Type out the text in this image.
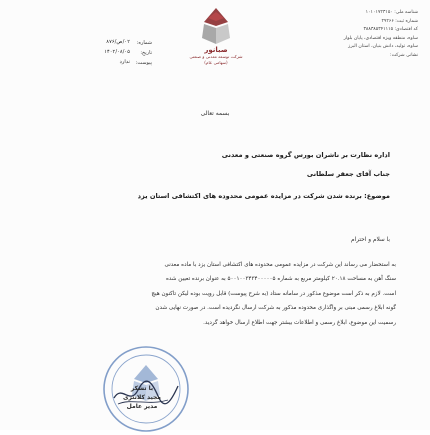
شناسه ملی: ۱۰۱۰۱۷۲۳۱۵۰
شماره ثبت: ۲۹۲۶۶
کد اقتصادی: ۳۸۸۳۸۵۳۴۱۱۱۵
ساوه، منطقه ویژه اقتصادی، پایان بلوار
ساوه، تولید، دانش بنیان، استان البرز
نشانی شرکت:
صبانور
شرکت توسعه معدنی و صنعتی
(سهامی عام)
شماره:
۰۲/ص/۸۷۶
تاریخ:
۱۴۰۲/۰۸/۰۵
پیوست:
ندارد
بسمه تعالی
اداره نظارت بر ناشران بورس گروه صنعتی و معدنی
جناب آقای جعفر سلطانی
موضوع: برنده شدن شرکت در مزایده عمومی محدوده های اکتشافی استان یزد
با سلام و احترام
به استحضار می رساند این شرکت در مزایده عمومی محدوده های اکتشافی استان یزد با ماده معدنی
سنگ آهن به مساحت ۲۰.۱۸ کیلومتر مربع به شماره ۵۰۰۱۰۰۳۴۳۴۰۰۰۰۰۵ به عنوان برنده تعیین شده
است. لازم به ذکر است موضوع مذکور در سامانه ستاد (به شرح پیوست) قابل رویت بوده لیکن تاکنون هیچ
گونه ابلاغ رسمی مبنی بر واگذاری محدوده مذکور به شرکت ارسال نگردیده است. در صورت نهایی شدن
رسمیت این موضوع، ابلاغ رسمی و اطلاعات بیشتر جهت اطلاع ارسال خواهد گردید.
با تشکر
مجید کلانتری
مدیر عامل
